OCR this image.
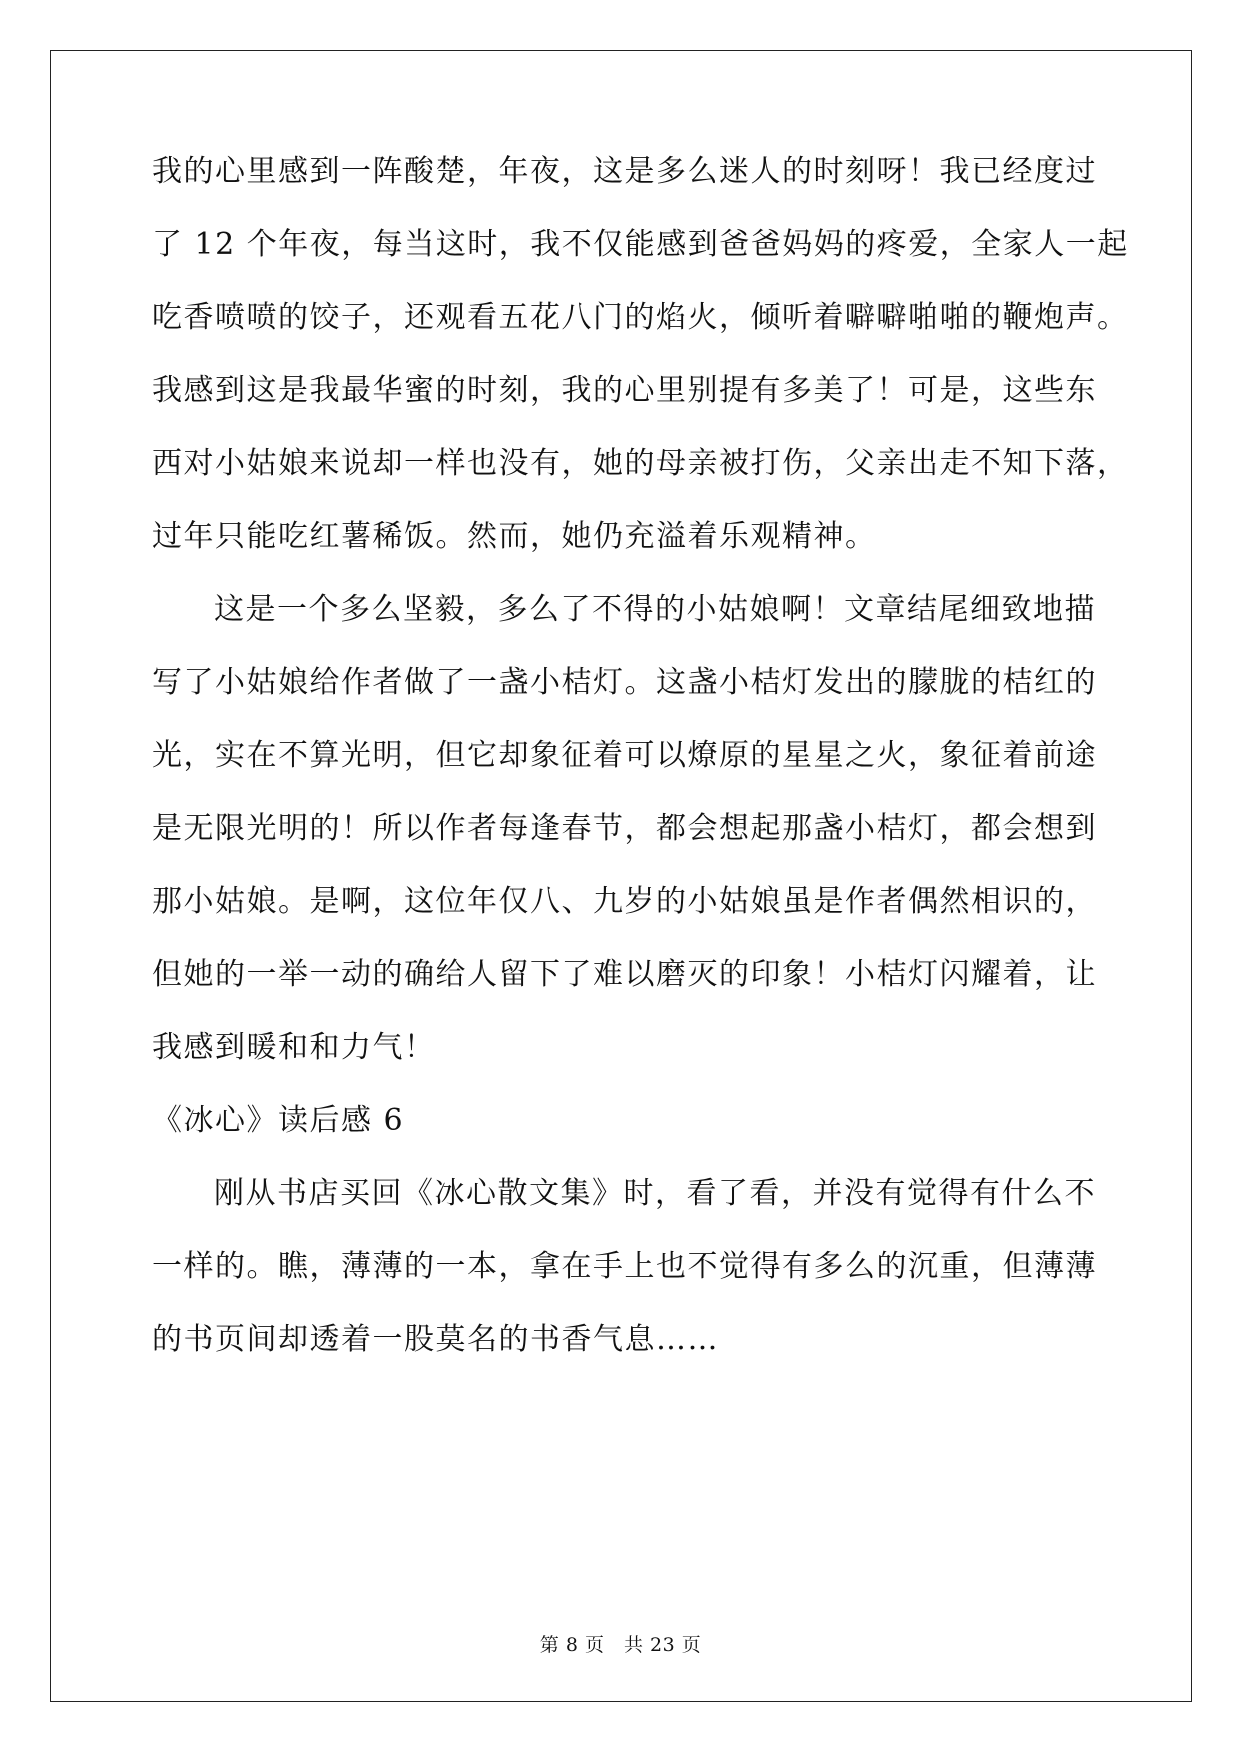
我的心里感到一阵酸楚，年夜，这是多么迷人的时刻呀！我已经度过
了 12 个年夜，每当这时，我不仅能感到爸爸妈妈的疼爱，全家人一起
吃香喷喷的饺子，还观看五花八门的焰火，倾听着噼噼啪啪的鞭炮声。
我感到这是我最华蜜的时刻，我的心里别提有多美了！可是，这些东
西对小姑娘来说却一样也没有，她的母亲被打伤，父亲出走不知下落，
过年只能吃红薯稀饭。然而，她仍充溢着乐观精神。
这是一个多么坚毅，多么了不得的小姑娘啊！文章结尾细致地描
写了小姑娘给作者做了一盏小桔灯。这盏小桔灯发出的朦胧的桔红的
光，实在不算光明，但它却象征着可以燎原的星星之火，象征着前途
是无限光明的！所以作者每逢春节，都会想起那盏小桔灯，都会想到
那小姑娘。是啊，这位年仅八、九岁的小姑娘虽是作者偶然相识的，
但她的一举一动的确给人留下了难以磨灭的印象！小桔灯闪耀着，让
我感到暖和和力气！
《冰心》读后感 6
刚从书店买回《冰心散文集》时，看了看，并没有觉得有什么不
一样的。瞧，薄薄的一本，拿在手上也不觉得有多么的沉重，但薄薄
的书页间却透着一股莫名的书香气息……
第 8 页　共 23 页
